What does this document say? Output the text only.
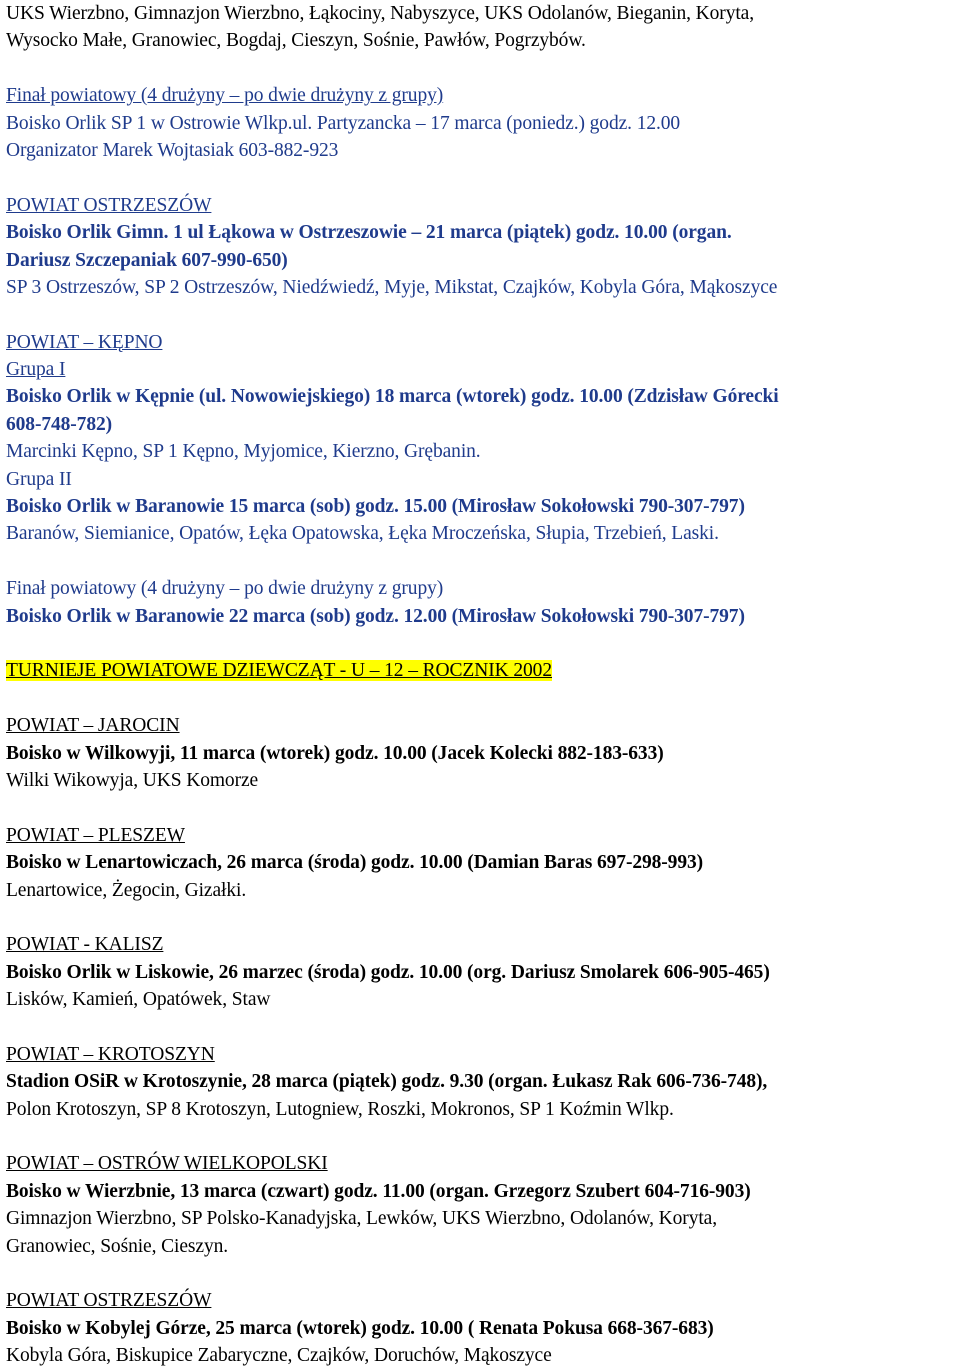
UKS Wierzbno, Gimnazjon Wierzbno, Łąkociny, Nabyszyce, UKS Odolanów, Bieganin, Koryta,
Wysocko Małe, Granowiec, Bogdaj, Cieszyn, Sośnie, Pawłów, Pogrzybów.
Finał powiatowy (4 drużyny – po dwie drużyny z grupy)
Boisko Orlik SP 1 w Ostrowie Wlkp.ul. Partyzancka – 17 marca (poniedz.) godz. 12.00
Organizator Marek Wojtasiak 603-882-923
POWIAT OSTRZESZÓW
Boisko Orlik Gimn. 1 ul Łąkowa w Ostrzeszowie – 21 marca (piątek) godz. 10.00 (organ.
Dariusz Szczepaniak 607-990-650)
SP 3 Ostrzeszów, SP 2 Ostrzeszów, Niedźwiedź, Myje, Mikstat, Czajków, Kobyla Góra, Mąkoszyce
POWIAT – KĘPNO
Grupa I
Boisko Orlik w Kępnie (ul. Nowowiejskiego) 18 marca (wtorek) godz. 10.00 (Zdzisław Górecki
608-748-782)
Marcinki Kępno, SP 1 Kępno, Myjomice, Kierzno, Grębanin.
Grupa II
Boisko Orlik w Baranowie 15 marca (sob) godz. 15.00 (Mirosław Sokołowski 790-307-797)
Baranów, Siemianice, Opatów, Łęka Opatowska, Łęka Mroczeńska, Słupia, Trzebień, Laski.
Finał powiatowy (4 drużyny – po dwie drużyny z grupy)
Boisko Orlik w Baranowie 22 marca (sob) godz. 12.00 (Mirosław Sokołowski 790-307-797)
TURNIEJE POWIATOWE DZIEWCZĄT - U – 12 – ROCZNIK 2002
POWIAT – JAROCIN
Boisko w Wilkowyji, 11 marca (wtorek) godz. 10.00 (Jacek Kolecki 882-183-633)
Wilki Wikowyja, UKS Komorze
POWIAT – PLESZEW
Boisko w Lenartowiczach, 26 marca (środa) godz. 10.00 (Damian Baras 697-298-993)
Lenartowice, Żegocin, Gizałki.
POWIAT - KALISZ
Boisko Orlik w Liskowie, 26 marzec (środa) godz. 10.00 (org. Dariusz Smolarek 606-905-465)
Lisków, Kamień, Opatówek, Staw
POWIAT – KROTOSZYN
Stadion OSiR w Krotoszynie, 28 marca (piątek) godz. 9.30 (organ. Łukasz Rak 606-736-748),
Polon Krotoszyn, SP 8 Krotoszyn, Lutogniew, Roszki, Mokronos, SP 1 Koźmin Wlkp.
POWIAT – OSTRÓW WIELKOPOLSKI
Boisko w Wierzbnie, 13 marca (czwart) godz. 11.00 (organ. Grzegorz Szubert 604-716-903)
Gimnazjon Wierzbno, SP Polsko-Kanadyjska, Lewków, UKS Wierzbno, Odolanów, Koryta,
Granowiec, Sośnie, Cieszyn.
POWIAT OSTRZESZÓW
Boisko w Kobylej Górze, 25 marca (wtorek) godz. 10.00 ( Renata Pokusa 668-367-683)
Kobyla Góra, Biskupice Zabaryczne, Czajków, Doruchów, Mąkoszyce
